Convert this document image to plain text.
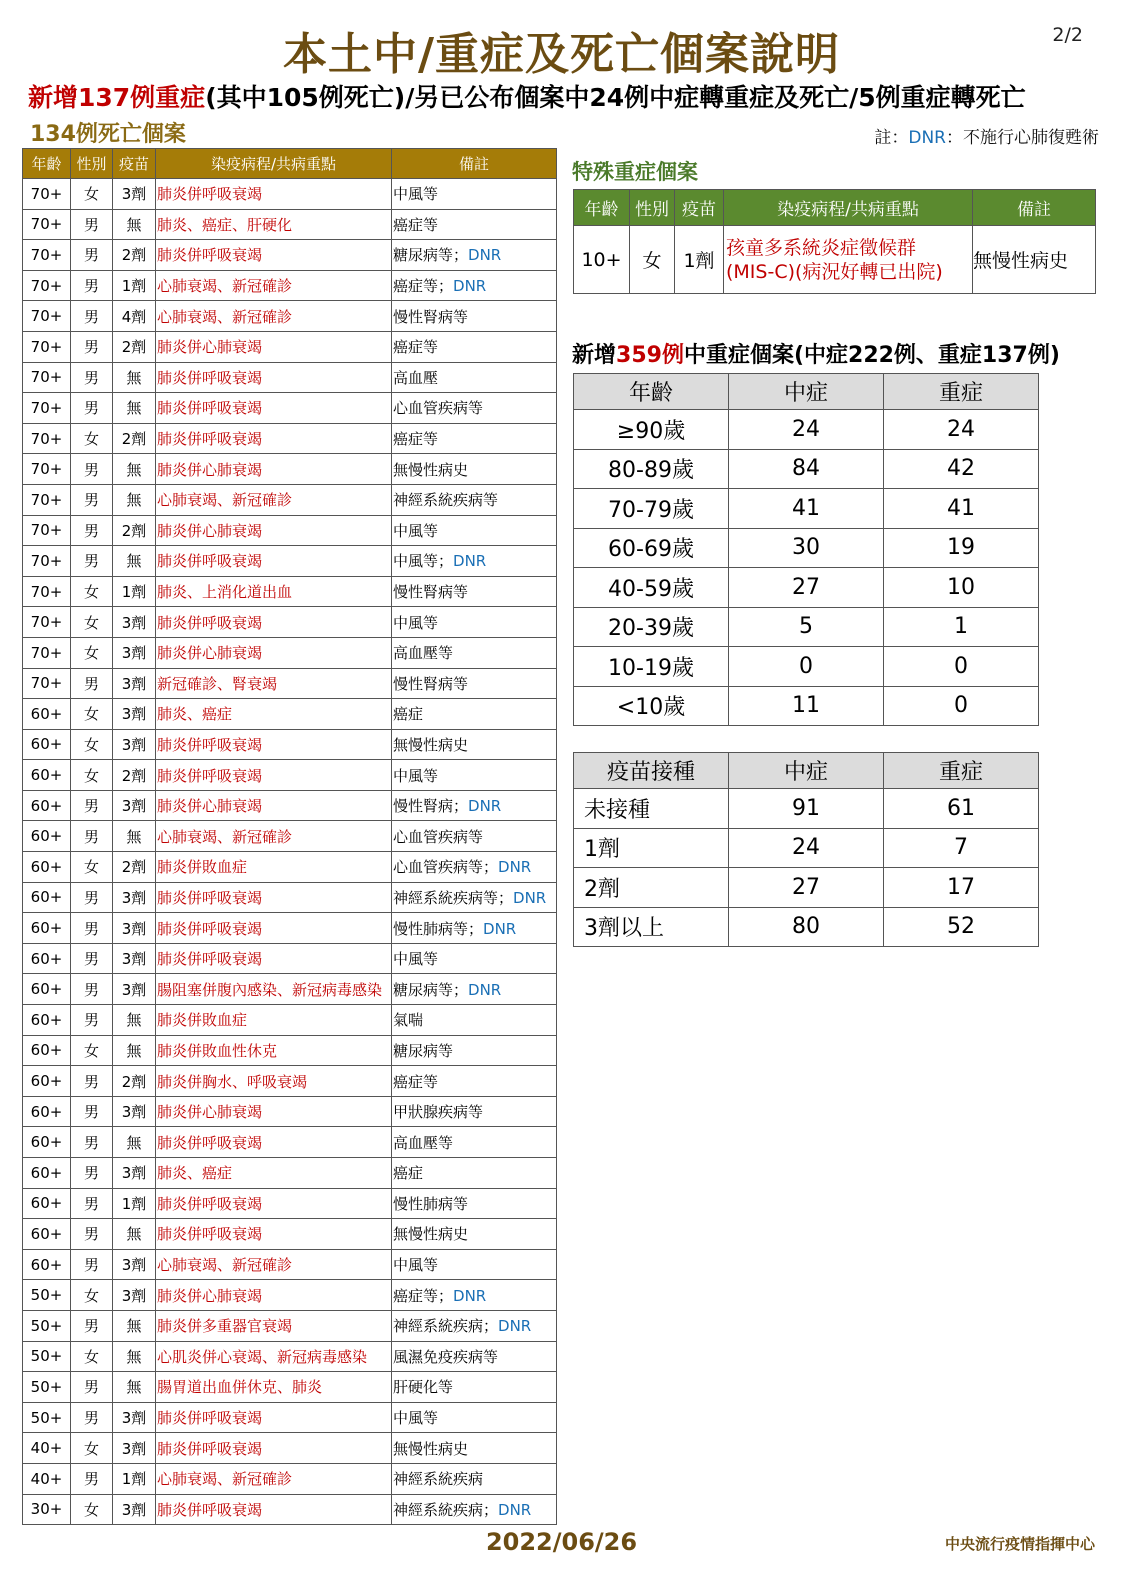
本土中/重症及死亡個案說明	2/2
新增137例重症(其中105例死亡)/另已公布個案中24例中症轉重症及死亡/5例重症轉死亡
134例死亡個案	註：DNR：不施行心肺復甦術
年齡	性別	疫苗	染疫病程/共病重點	備註
70+	女	3劑	肺炎併呼吸衰竭	中風等
70+	男	無	肺炎、癌症、肝硬化	癌症等
70+	男	2劑	肺炎併呼吸衰竭	糖尿病等；DNR
70+	男	1劑	心肺衰竭、新冠確診	癌症等；DNR
70+	男	4劑	心肺衰竭、新冠確診	慢性腎病等
70+	男	2劑	肺炎併心肺衰竭	癌症等
70+	男	無	肺炎併呼吸衰竭	高血壓
70+	男	無	肺炎併呼吸衰竭	心血管疾病等
70+	女	2劑	肺炎併呼吸衰竭	癌症等
70+	男	無	肺炎併心肺衰竭	無慢性病史
70+	男	無	心肺衰竭、新冠確診	神經系統疾病等
70+	男	2劑	肺炎併心肺衰竭	中風等
70+	男	無	肺炎併呼吸衰竭	中風等；DNR
70+	女	1劑	肺炎、上消化道出血	慢性腎病等
70+	女	3劑	肺炎併呼吸衰竭	中風等
70+	女	3劑	肺炎併心肺衰竭	高血壓等
70+	男	3劑	新冠確診、腎衰竭	慢性腎病等
60+	女	3劑	肺炎、癌症	癌症
60+	女	3劑	肺炎併呼吸衰竭	無慢性病史
60+	女	2劑	肺炎併呼吸衰竭	中風等
60+	男	3劑	肺炎併心肺衰竭	慢性腎病；DNR
60+	男	無	心肺衰竭、新冠確診	心血管疾病等
60+	女	2劑	肺炎併敗血症	心血管疾病等；DNR
60+	男	3劑	肺炎併呼吸衰竭	神經系統疾病等；DNR
60+	男	3劑	肺炎併呼吸衰竭	慢性肺病等；DNR
60+	男	3劑	肺炎併呼吸衰竭	中風等
60+	男	3劑	腸阻塞併腹內感染、新冠病毒感染	糖尿病等；DNR
60+	男	無	肺炎併敗血症	氣喘
60+	女	無	肺炎併敗血性休克	糖尿病等
60+	男	2劑	肺炎併胸水、呼吸衰竭	癌症等
60+	男	3劑	肺炎併心肺衰竭	甲狀腺疾病等
60+	男	無	肺炎併呼吸衰竭	高血壓等
60+	男	3劑	肺炎、癌症	癌症
60+	男	1劑	肺炎併呼吸衰竭	慢性肺病等
60+	男	無	肺炎併呼吸衰竭	無慢性病史
60+	男	3劑	心肺衰竭、新冠確診	中風等
50+	女	3劑	肺炎併心肺衰竭	癌症等；DNR
50+	男	無	肺炎併多重器官衰竭	神經系統疾病；DNR
50+	女	無	心肌炎併心衰竭、新冠病毒感染	風濕免疫疾病等
50+	男	無	腸胃道出血併休克、肺炎	肝硬化等
50+	男	3劑	肺炎併呼吸衰竭	中風等
40+	女	3劑	肺炎併呼吸衰竭	無慢性病史
40+	男	1劑	心肺衰竭、新冠確診	神經系統疾病
30+	女	3劑	肺炎併呼吸衰竭	神經系統疾病；DNR
特殊重症個案
年齡	性別	疫苗	染疫病程/共病重點	備註
10+	女	1劑	孩童多系統炎症徵候群
(MIS-C)(病況好轉已出院)	無慢性病史
新增359例中重症個案(中症222例、重症137例)
年齡	中症	重症
≥90歲	24	24
80-89歲	84	42
70-79歲	41	41
60-69歲	30	19
40-59歲	27	10
20-39歲	5	1
10-19歲	0	0
<10歲	11	0
疫苗接種	中症	重症
未接種	91	61
1劑	24	7
2劑	27	17
3劑以上	80	52
2022/06/26	中央流行疫情指揮中心
